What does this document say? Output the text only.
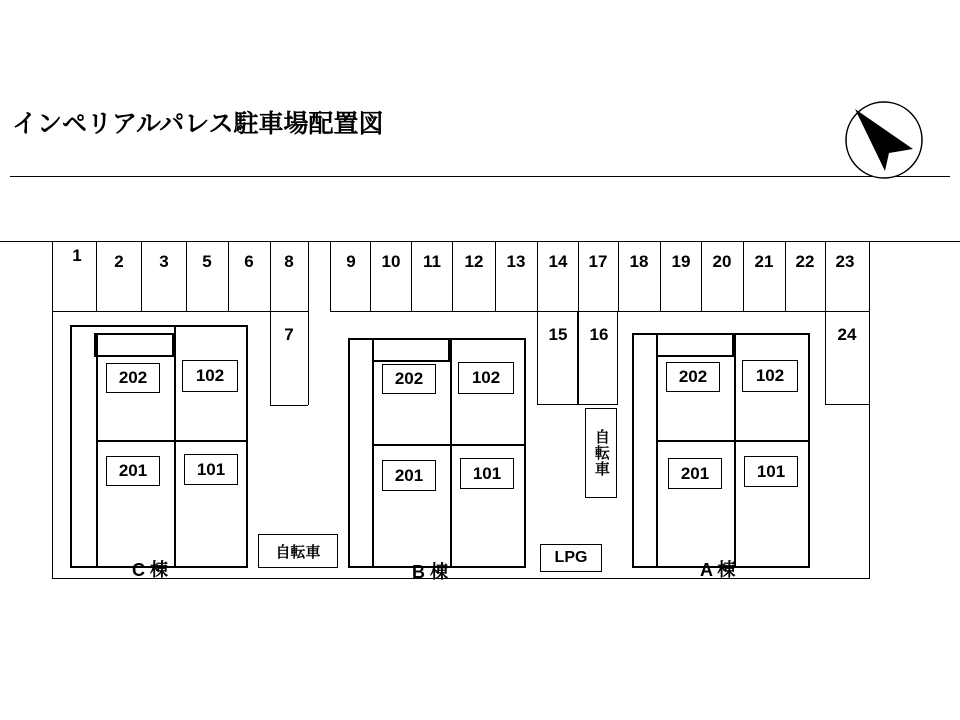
インペリアルパレス駐車場配置図
1	2	3	5	6	8	9	10	11	12	13	14	17	18	19	20	21	22	23
7	15	16	24
202	102
201	101
C 棟
自転車
202	102
201	101
B 棟
自転車
LPG
202	102
201	101
A 棟
